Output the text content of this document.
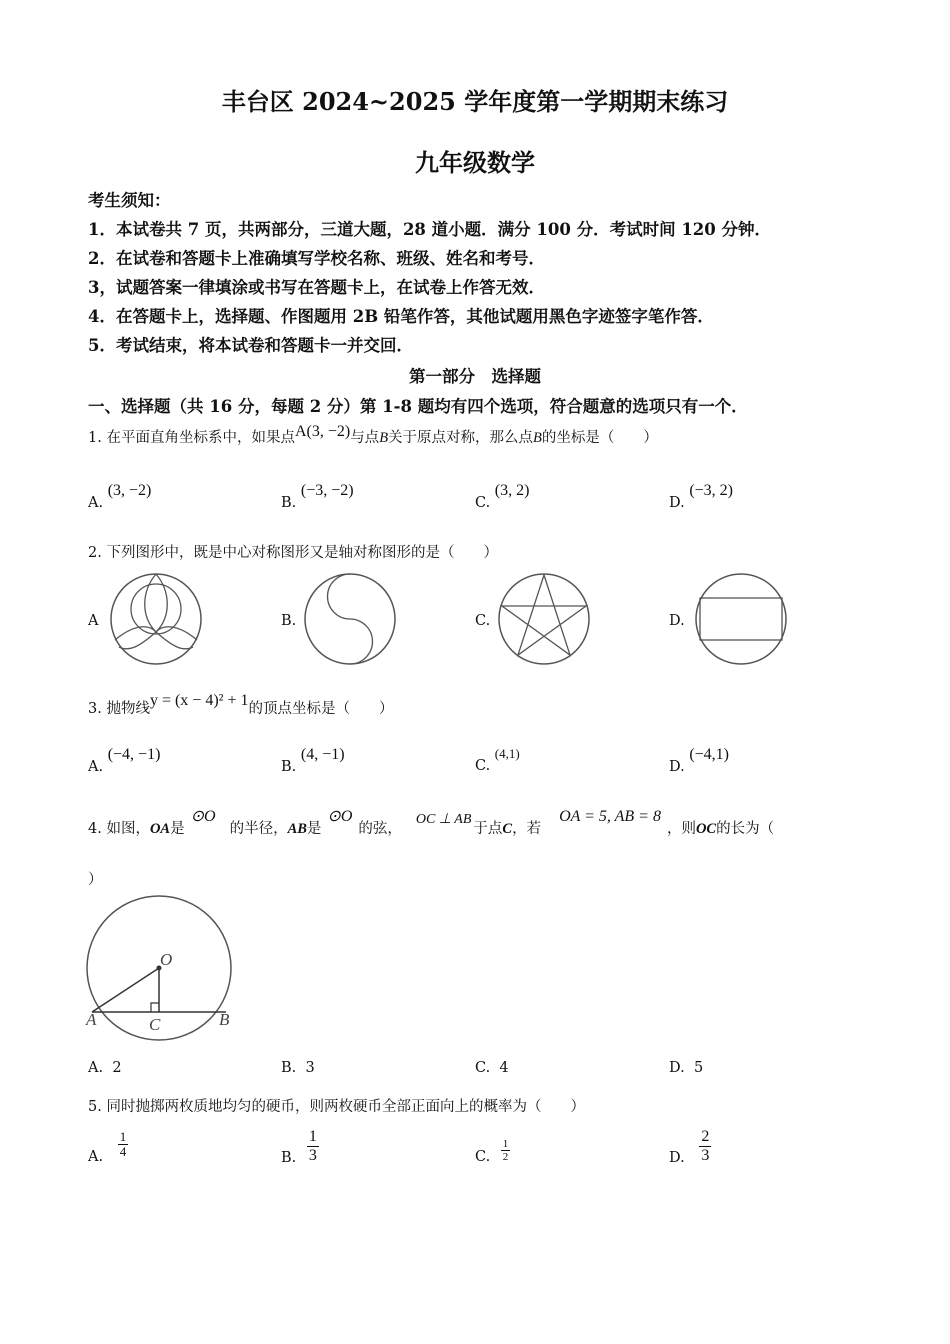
丰台区 2024~2025 学年度第一学期期末练习
九年级数学
考生须知：
1．本试卷共 7 页，共两部分，三道大题，28 道小题．满分 100 分．考试时间 120 分钟．
2．在试卷和答题卡上准确填写学校名称、班级、姓名和考号．
3，试题答案一律填涂或书写在答题卡上，在试卷上作答无效．
4．在答题卡上，选择题、作图题用 2B 铅笔作答，其他试题用黑色字迹签字笔作答．
5．考试结束，将本试卷和答题卡一并交回．
第一部分　选择题
一、选择题（共 16 分，每题 2 分）第 1-8 题均有四个选项，符合题意的选项只有一个．
1. 在平面直角坐标系中，如果点A(3, −2)与点B关于原点对称，那么点B的坐标是（　　）
A. (3, −2)
B. (−3, −2)
C. (3, 2)
D. (−3, 2)
2. 下列图形中，既是中心对称图形又是轴对称图形的是（　　）
A	B.	C.	D.
3. 抛物线y = (x − 4)² + 1的顶点坐标是（　　）
A. (−4, −1)
B. (4, −1)
C. (4,1)
D. (−4,1)
4. 如图，OA是⊙O的半径，AB是⊙O的弦，OC ⊥ AB于点C，若OA = 5, AB = 8，则OC的长为（
）
O
A	B
C
A. 2	B. 3	C. 4	D. 5
5. 同时抛掷两枚质地均匀的硬币，则两枚硬币全部正面向上的概率为（　　）
A. $\frac{1}{4}$	B. $\frac{1}{3}$	C. $\frac{1}{2}$	D. $\frac{2}{3}$
